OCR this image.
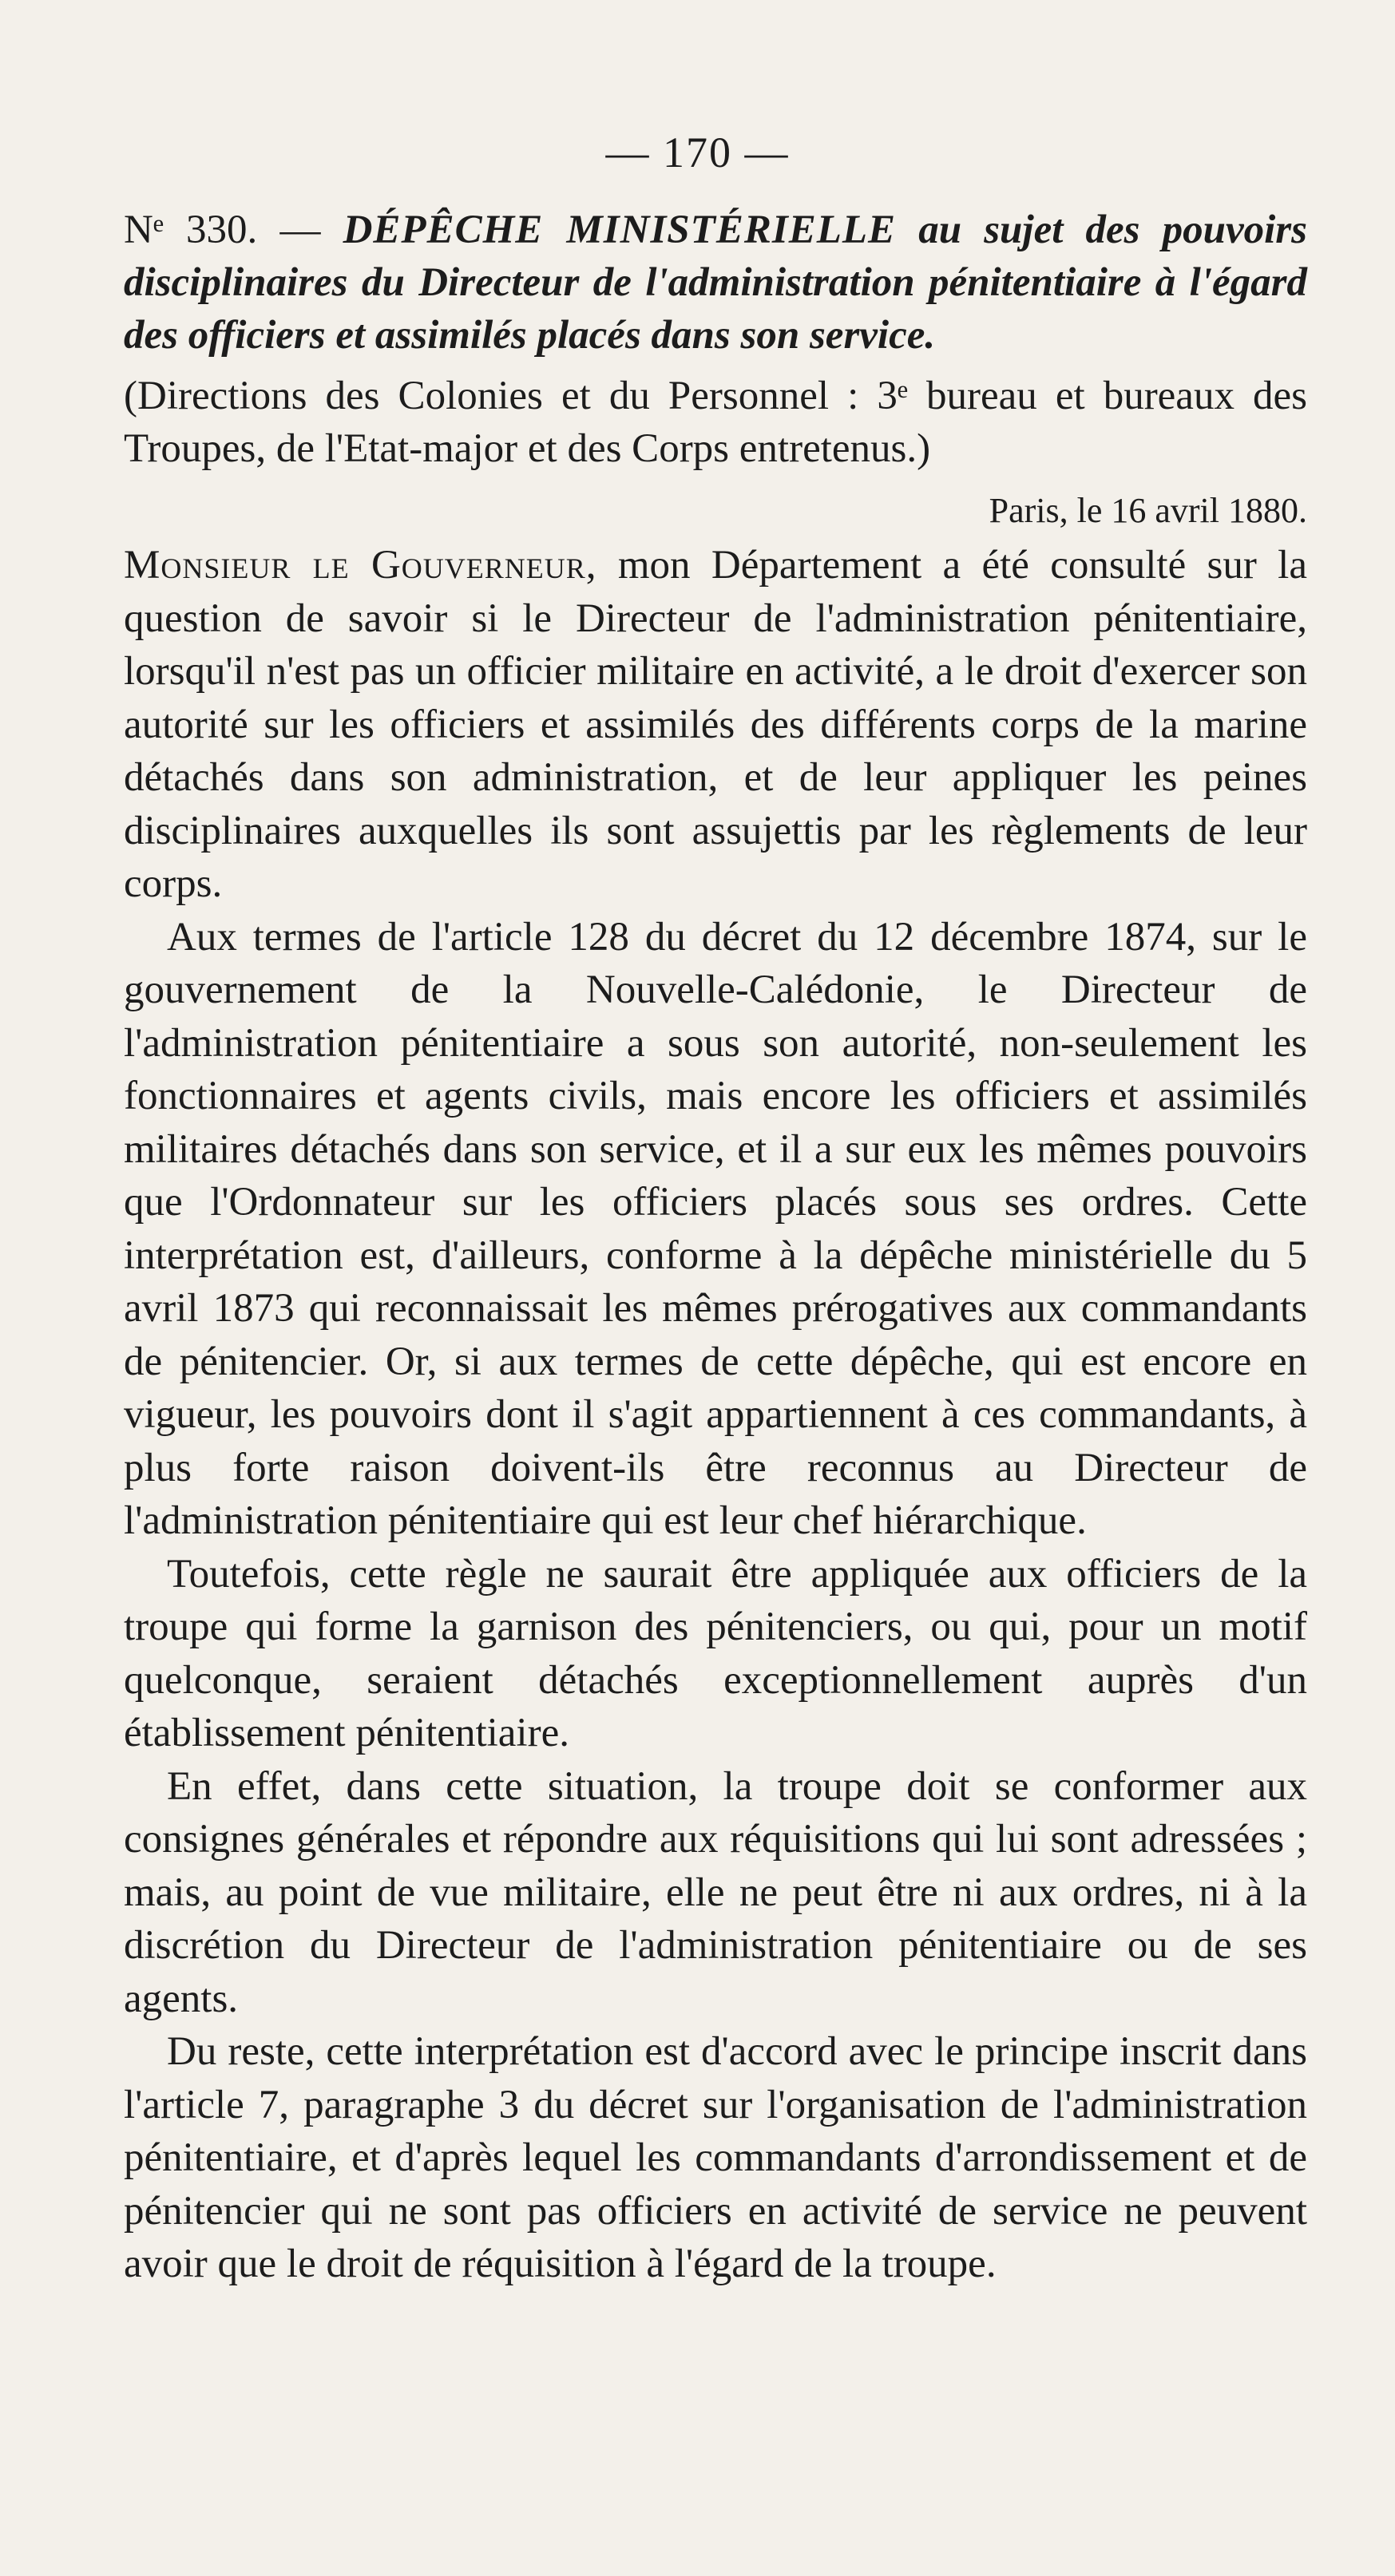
— 170 —

Nᵉ 330. — DÉPÊCHE MINISTÉRIELLE au sujet des pouvoirs disciplinaires du Directeur de l'administration pénitentiaire à l'égard des officiers et assimilés placés dans son service.

(Directions des Colonies et du Personnel : 3ᵉ bureau et bureaux des Troupes, de l'Etat-major et des Corps entretenus.)

Paris, le 16 avril 1880.

Monsieur le Gouverneur, mon Département a été consulté sur la question de savoir si le Directeur de l'administration pénitentiaire, lorsqu'il n'est pas un officier militaire en activité, a le droit d'exercer son autorité sur les officiers et assimilés des différents corps de la marine détachés dans son administration, et de leur appliquer les peines disciplinaires auxquelles ils sont assujettis par les règlements de leur corps.

Aux termes de l'article 128 du décret du 12 décembre 1874, sur le gouvernement de la Nouvelle-Calédonie, le Directeur de l'administration pénitentiaire a sous son autorité, non-seulement les fonctionnaires et agents civils, mais encore les officiers et assimilés militaires détachés dans son service, et il a sur eux les mêmes pouvoirs que l'Ordonnateur sur les officiers placés sous ses ordres. Cette interprétation est, d'ailleurs, conforme à la dépêche ministérielle du 5 avril 1873 qui reconnaissait les mêmes prérogatives aux commandants de pénitencier. Or, si aux termes de cette dépêche, qui est encore en vigueur, les pouvoirs dont il s'agit appartiennent à ces commandants, à plus forte raison doivent-ils être reconnus au Directeur de l'administration pénitentiaire qui est leur chef hiérarchique.

Toutefois, cette règle ne saurait être appliquée aux officiers de la troupe qui forme la garnison des pénitenciers, ou qui, pour un motif quelconque, seraient détachés exceptionnellement auprès d'un établissement pénitentiaire.

En effet, dans cette situation, la troupe doit se conformer aux consignes générales et répondre aux réquisitions qui lui sont adressées ; mais, au point de vue militaire, elle ne peut être ni aux ordres, ni à la discrétion du Directeur de l'administration pénitentiaire ou de ses agents.

Du reste, cette interprétation est d'accord avec le principe inscrit dans l'article 7, paragraphe 3 du décret sur l'organisation de l'administration pénitentiaire, et d'après lequel les commandants d'arrondissement et de pénitencier qui ne sont pas officiers en activité de service ne peuvent avoir que le droit de réquisition à l'égard de la troupe.
